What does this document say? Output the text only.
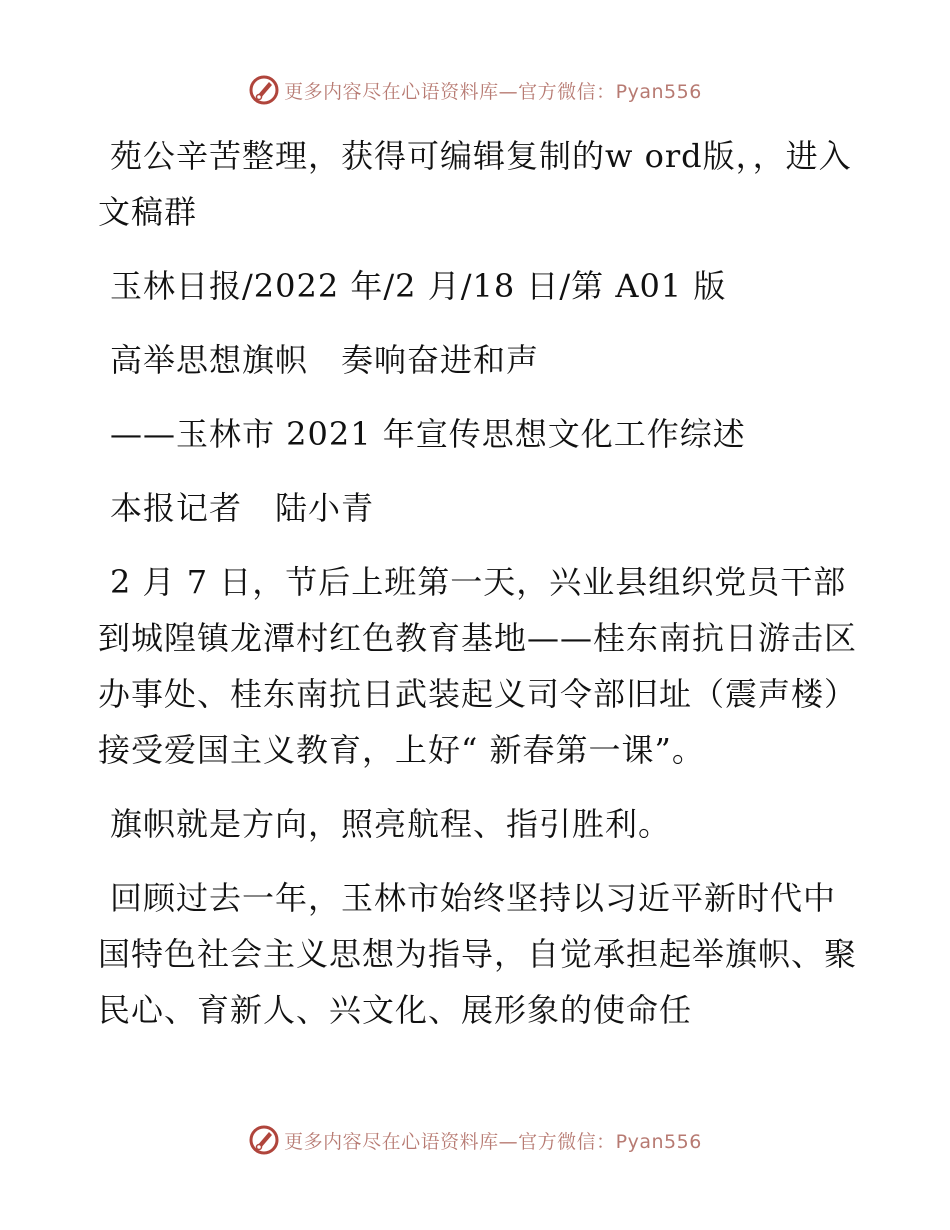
更多内容尽在心语资料库—官方微信：Pyan556

苑公辛苦整理，获得可编辑复制的w ord版，，进入文稿群

玉林日报/2022 年/2 月/18 日/第 A01 版

高举思想旗帜　奏响奋进和声

——玉林市 2021 年宣传思想文化工作综述

本报记者　陆小青

2 月 7 日，节后上班第一天，兴业县组织党员干部到城隍镇龙潭村红色教育基地——桂东南抗日游击区办事处、桂东南抗日武装起义司令部旧址（震声楼）接受爱国主义教育，上好“ 新春第一课”。

旗帜就是方向，照亮航程、指引胜利。

回顾过去一年，玉林市始终坚持以习近平新时代中国特色社会主义思想为指导，自觉承担起举旗帜、聚民心、育新人、兴文化、展形象的使命任

更多内容尽在心语资料库—官方微信：Pyan556
